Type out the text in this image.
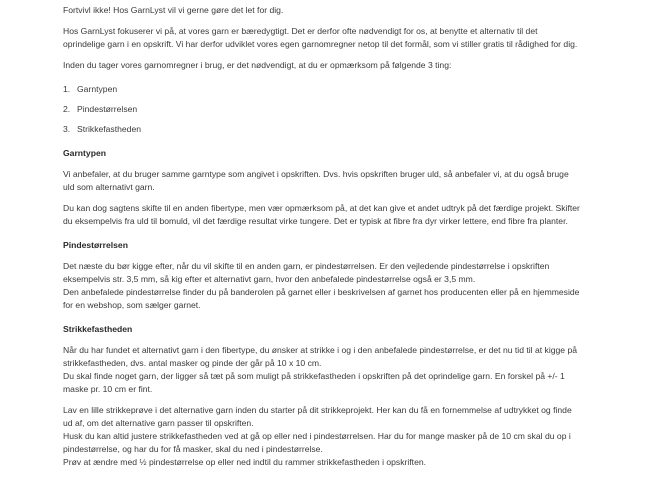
Fortvivl ikke! Hos GarnLyst vil vi gerne gøre det let for dig.

Hos GarnLyst fokuserer vi på, at vores garn er bæredygtigt. Det er derfor ofte nødvendigt for os, at benytte et alternativ til det

oprindelige garn i en opskrift. Vi har derfor udviklet vores egen garnomregner netop til det formål, som vi stiller gratis til rådighed for dig.

Inden du tager vores garnomregner i brug, er det nødvendigt, at du er opmærksom på følgende 3 ting:

1. Garntypen
2. Pindestørrelsen
3. Strikkefastheden
Garntypen

Vi anbefaler, at du bruger samme garntype som angivet i opskriften. Dvs. hvis opskriften bruger uld, så anbefaler vi, at du også bruge

uld som alternativt garn.

Du kan dog sagtens skifte til en anden fibertype, men vær opmærksom på, at det kan give et andet udtryk på det færdige projekt. Skifter

du eksempelvis fra uld til bomuld, vil det færdige resultat virke tungere. Det er typisk at fibre fra dyr virker lettere, end fibre fra planter.

Pindestørrelsen

Det næste du bør kigge efter, når du vil skifte til en anden garn, er pindestørrelsen. Er den vejledende pindestørrelse i opskriften

eksempelvis str. 3,5 mm, så kig efter et alternativt garn, hvor den anbefalede pindestørrelse også er 3,5 mm.

Den anbefalede pindestørrelse finder du på banderolen på garnet eller i beskrivelsen af garnet hos producenten eller på en hjemmeside

for en webshop, som sælger garnet.

Strikkefastheden

Når du har fundet et alternativt garn i den fibertype, du ønsker at strikke i og i den anbefalede pindestørrelse, er det nu tid til at kigge på

strikkefastheden, dvs. antal masker og pinde der går på 10 x 10 cm.

Du skal finde noget garn, der ligger så tæt på som muligt på strikkefastheden i opskriften på det oprindelige garn. En forskel på +/- 1

maske pr. 10 cm er fint.

Lav en lille strikkeprøve i det alternative garn inden du starter på dit strikkeprojekt. Her kan du få en fornemmelse af udtrykket og finde

ud af, om det alternative garn passer til opskriften.

Husk du kan altid justere strikkefastheden ved at gå op eller ned i pindestørrelsen. Har du for mange masker på de 10 cm skal du op i

pindestørrelse, og har du for få masker, skal du ned i pindestørrelse.

Prøv at ændre med ½ pindestørrelse op eller ned indtil du rammer strikkefastheden i opskriften.
